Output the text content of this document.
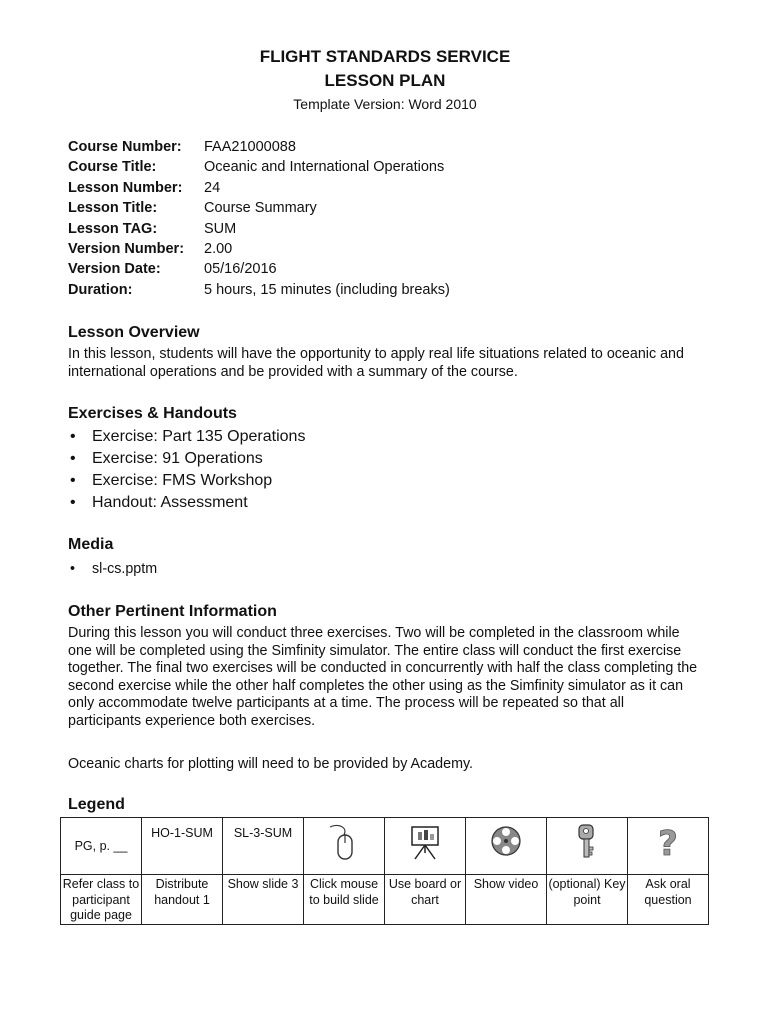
FLIGHT STANDARDS SERVICE
LESSON PLAN
Template Version: Word 2010
Course Number:	FAA21000088
Course Title:	Oceanic and International Operations
Lesson Number:	24
Lesson Title:	Course Summary
Lesson TAG:	SUM
Version Number:	2.00
Version Date:	05/16/2016
Duration:	5 hours, 15 minutes (including breaks)
Lesson Overview
In this lesson, students will have the opportunity to apply real life situations related to oceanic and international operations and be provided with a summary of the course.
Exercises & Handouts
• Exercise: Part 135 Operations
• Exercise: 91 Operations
• Exercise: FMS Workshop
• Handout: Assessment
Media
• sl-cs.pptm
Other Pertinent Information
During this lesson you will conduct three exercises. Two will be completed in the classroom while one will be completed using the Simfinity simulator. The entire class will conduct the first exercise together. The final two exercises will be conducted in concurrently with half the class completing the second exercise while the other half completes the other using as the Simfinity simulator as it can only accommodate twelve participants at a time. The process will be repeated so that all participants experience both exercises.
Oceanic charts for plotting will need to be provided by Academy.
Legend
PG, p. __	HO-1-SUM	SL-3-SUM					?

Refer class to participant guide page	Distribute handout 1	Show slide 3	Click mouse to build slide	Use board or chart	Show video	(optional) Key point	Ask oral question
